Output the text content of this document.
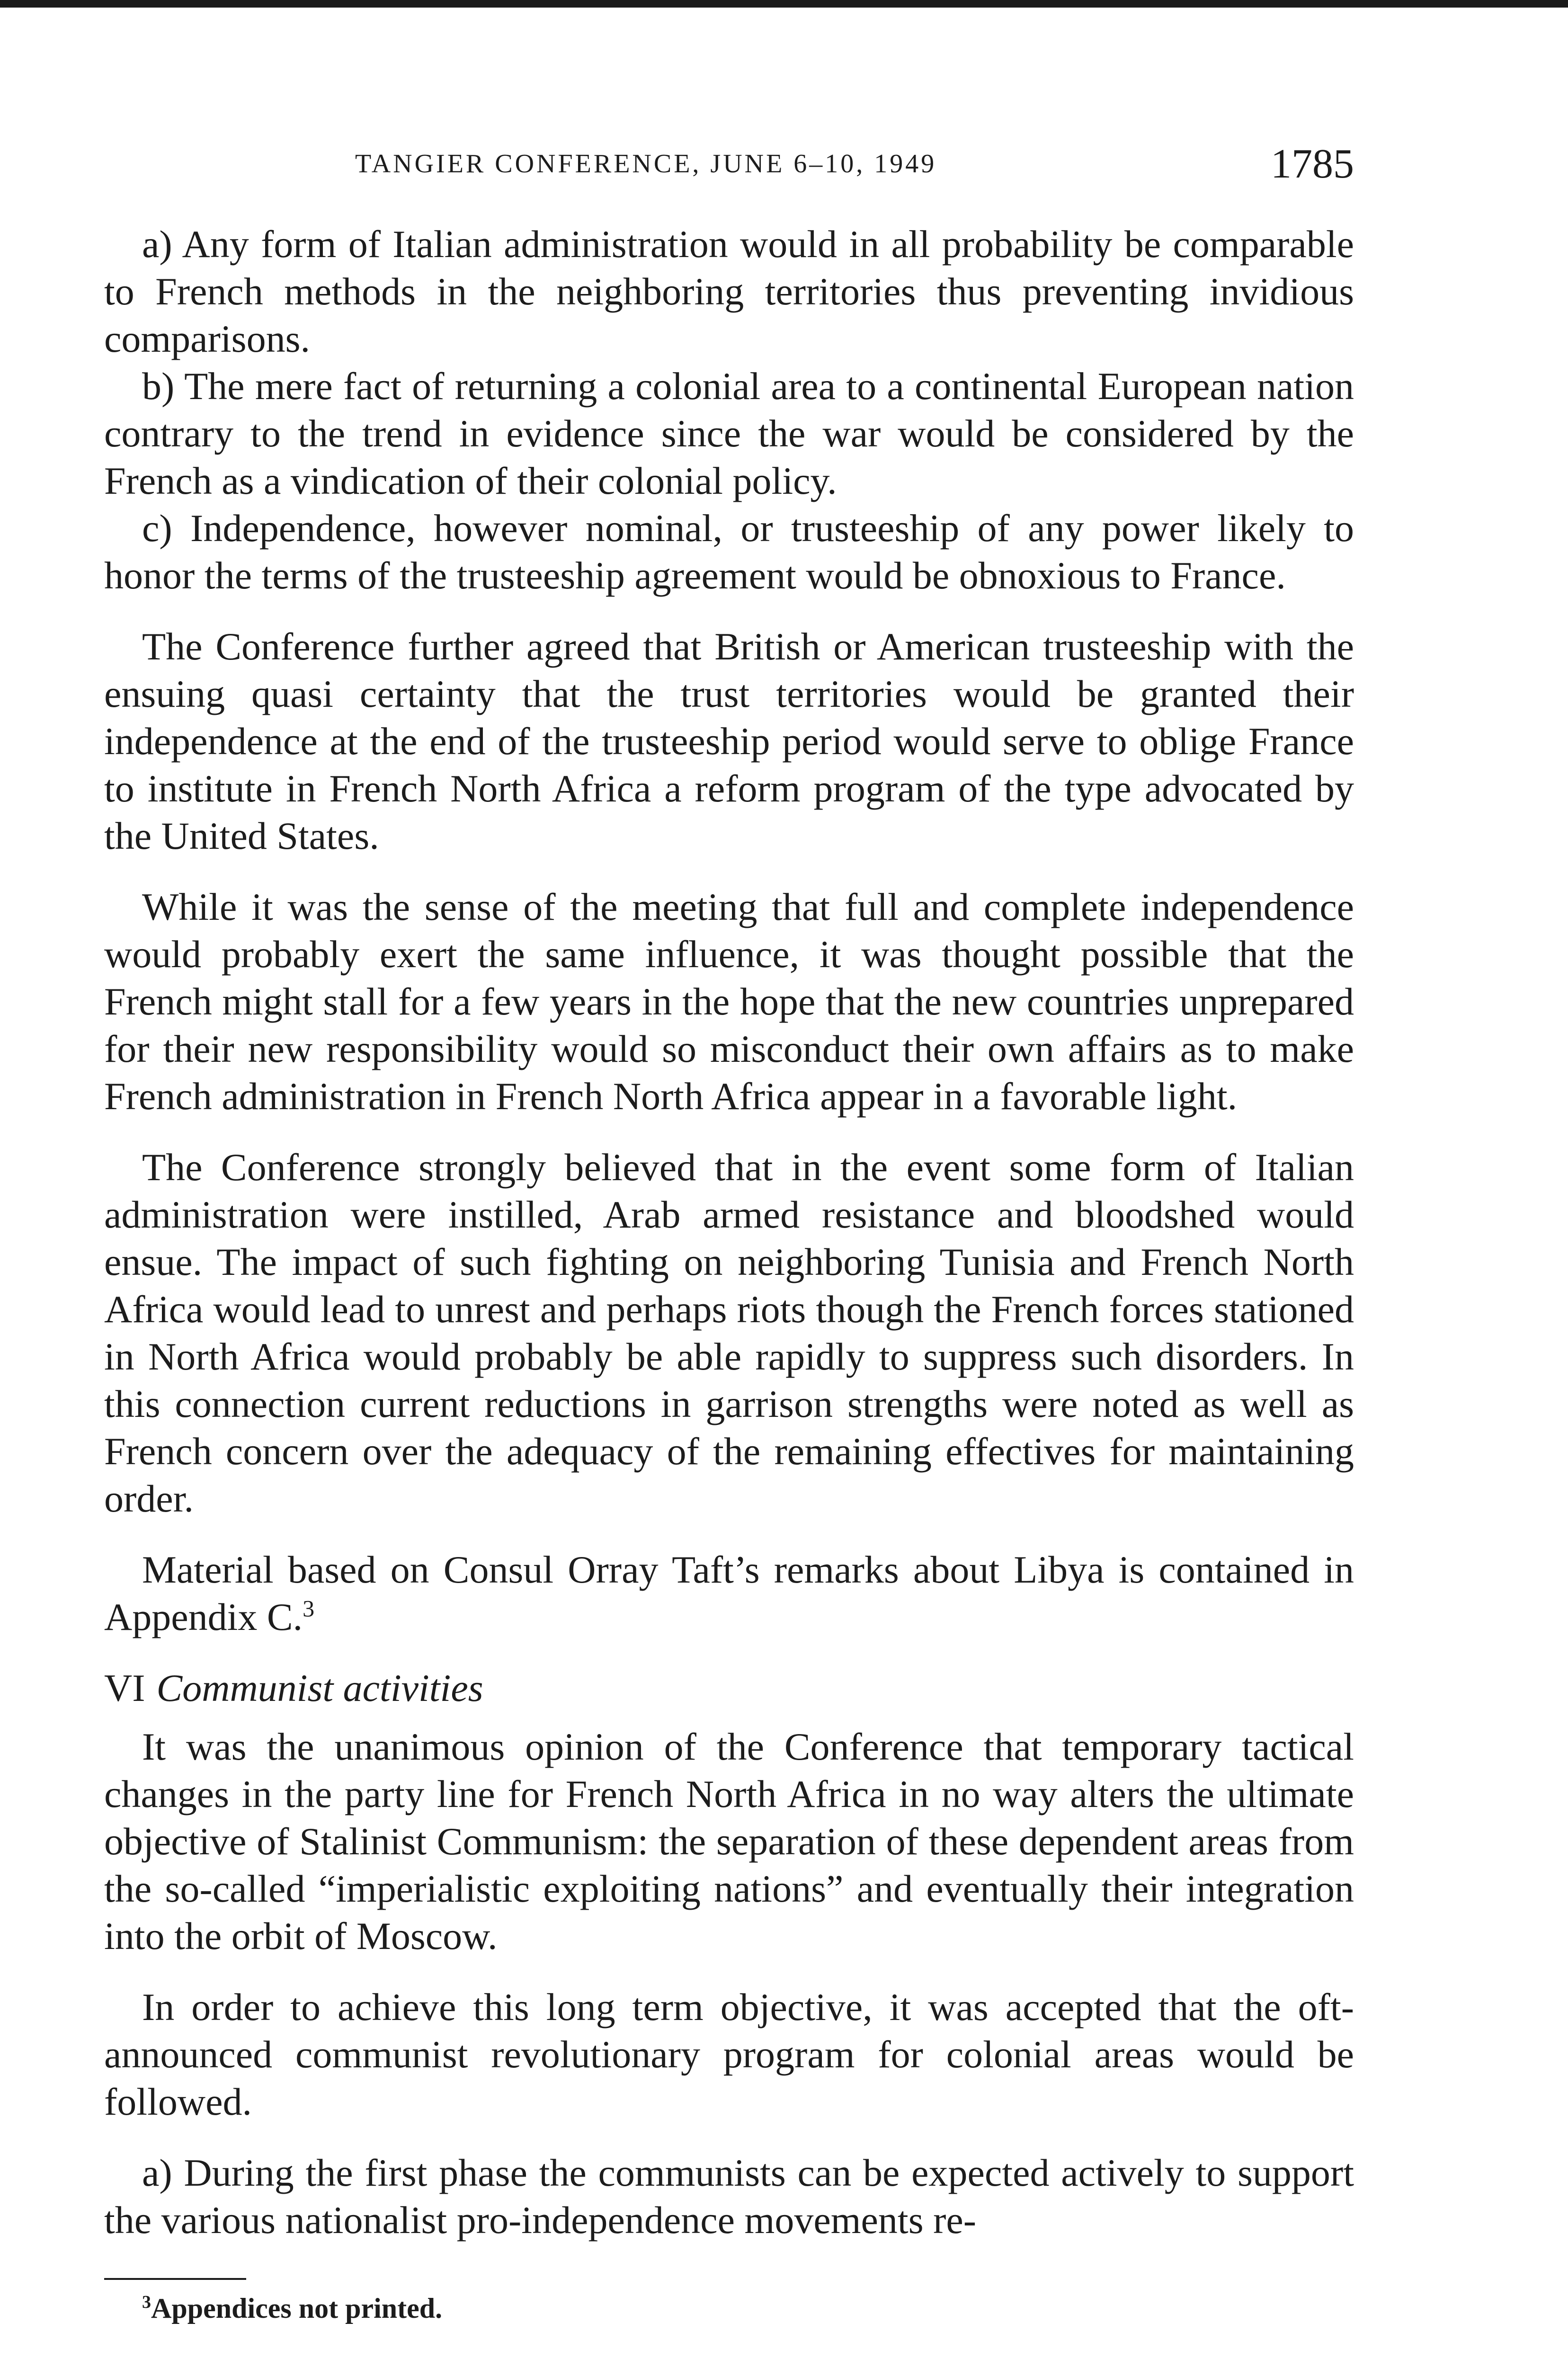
TANGIER CONFERENCE, JUNE 6–10, 1949	1785

a) Any form of Italian administration would in all probability be comparable to French methods in the neighboring territories thus preventing invidious comparisons.

b) The mere fact of returning a colonial area to a continental European nation contrary to the trend in evidence since the war would be considered by the French as a vindication of their colonial policy.

c) Independence, however nominal, or trusteeship of any power likely to honor the terms of the trusteeship agreement would be obnoxious to France.

The Conference further agreed that British or American trusteeship with the ensuing quasi certainty that the trust territories would be granted their independence at the end of the trusteeship period would serve to oblige France to institute in French North Africa a reform program of the type advocated by the United States.

While it was the sense of the meeting that full and complete independence would probably exert the same influence, it was thought possible that the French might stall for a few years in the hope that the new countries unprepared for their new responsibility would so misconduct their own affairs as to make French administration in French North Africa appear in a favorable light.

The Conference strongly believed that in the event some form of Italian administration were instilled, Arab armed resistance and bloodshed would ensue. The impact of such fighting on neighboring Tunisia and French North Africa would lead to unrest and perhaps riots though the French forces stationed in North Africa would probably be able rapidly to suppress such disorders. In this connection current reductions in garrison strengths were noted as well as French concern over the adequacy of the remaining effectives for maintaining order.

Material based on Consul Orray Taft’s remarks about Libya is contained in Appendix C.$^3$

VI Communist activities

It was the unanimous opinion of the Conference that temporary tactical changes in the party line for French North Africa in no way alters the ultimate objective of Stalinist Communism: the separation of these dependent areas from the so-called “imperialistic exploiting nations” and eventually their integration into the orbit of Moscow.

In order to achieve this long term objective, it was accepted that the oft-announced communist revolutionary program for colonial areas would be followed.

a) During the first phase the communists can be expected actively to support the various nationalist pro-independence movements re-

$^3$Appendices not printed.
